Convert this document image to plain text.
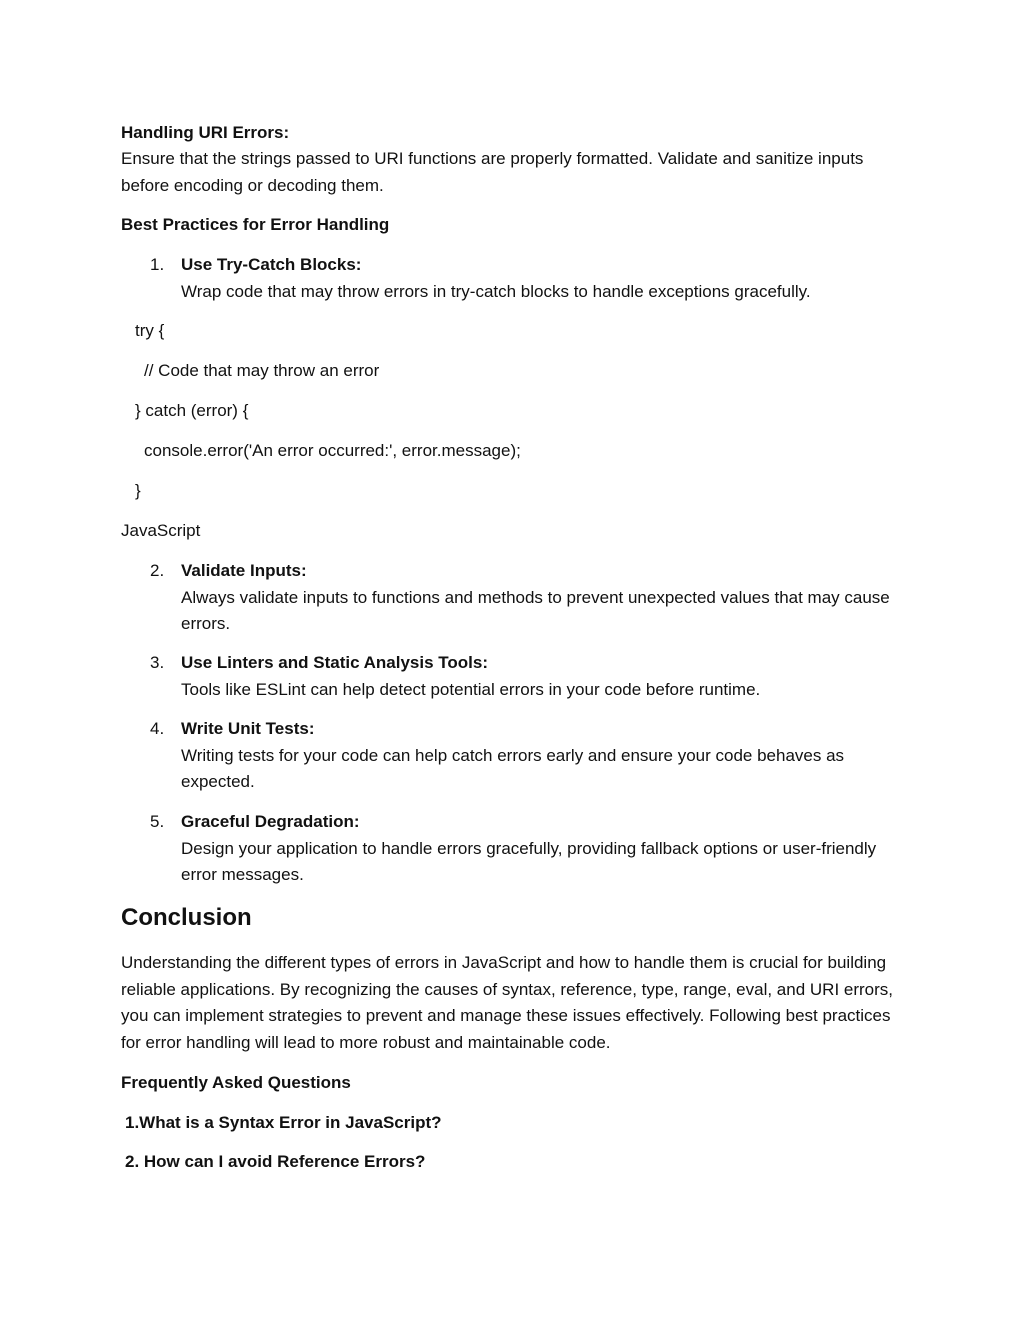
Handling URI Errors:
Ensure that the strings passed to URI functions are properly formatted. Validate and sanitize inputs before encoding or decoding them.
Best Practices for Error Handling
1. Use Try-Catch Blocks:
Wrap code that may throw errors in try-catch blocks to handle exceptions gracefully.
try {
// Code that may throw an error
} catch (error) {
console.error('An error occurred:', error.message);
}
JavaScript
2. Validate Inputs:
Always validate inputs to functions and methods to prevent unexpected values that may cause errors.
3. Use Linters and Static Analysis Tools:
Tools like ESLint can help detect potential errors in your code before runtime.
4. Write Unit Tests:
Writing tests for your code can help catch errors early and ensure your code behaves as expected.
5. Graceful Degradation:
Design your application to handle errors gracefully, providing fallback options or user-friendly error messages.
Conclusion
Understanding the different types of errors in JavaScript and how to handle them is crucial for building reliable applications. By recognizing the causes of syntax, reference, type, range, eval, and URI errors, you can implement strategies to prevent and manage these issues effectively. Following best practices for error handling will lead to more robust and maintainable code.
Frequently Asked Questions
1.What is a Syntax Error in JavaScript?
2. How can I avoid Reference Errors?
